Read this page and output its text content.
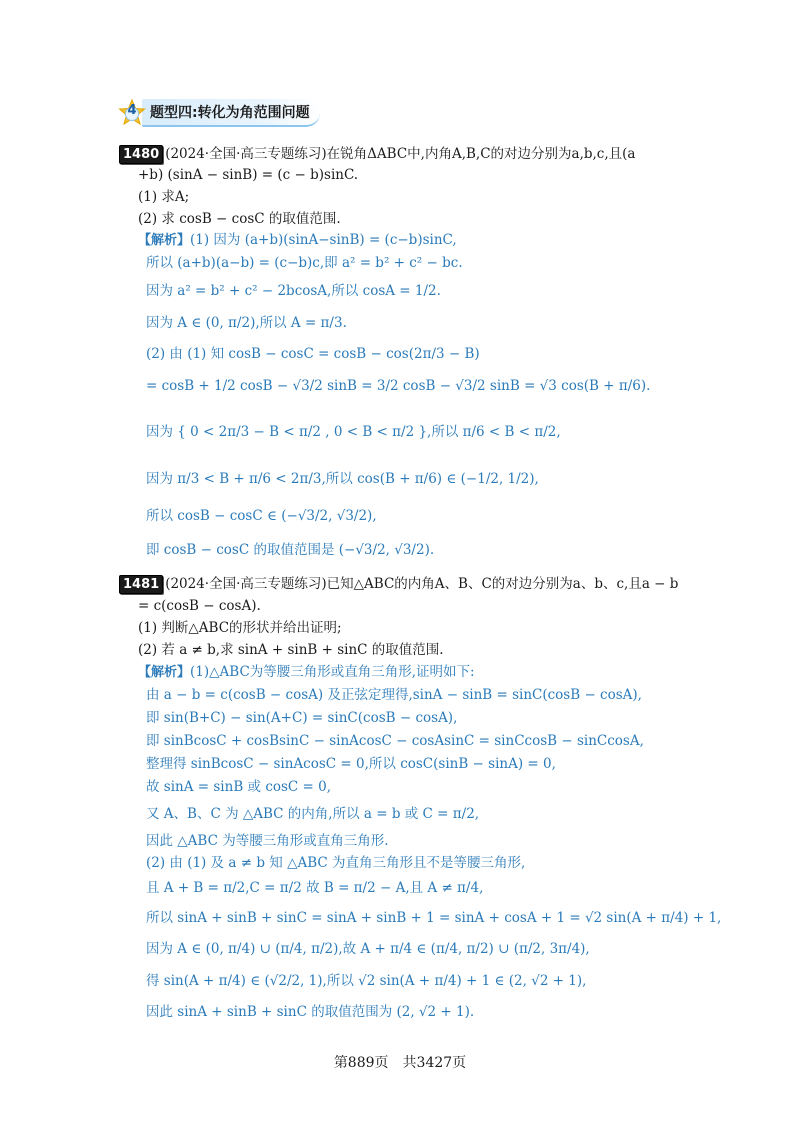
4 题型四:转化为角范围问题
1480 (2024·全国·高三专题练习)在锐角ΔABC中,内角A,B,C的对边分别为a,b,c,且(a
+b) (sinA − sinB) = (c − b)sinC.
(1) 求A;
(2) 求 cosB − cosC 的取值范围.
【解析】(1) 因为 (a+b)(sinA−sinB) = (c−b)sinC,
所以 (a+b)(a−b) = (c−b)c,即 a² = b² + c² − bc.
因为 a² = b² + c² − 2bcosA,所以 cosA = 1/2.
因为 A ∈ (0, π/2),所以 A = π/3.
(2) 由 (1) 知 cosB − cosC = cosB − cos(2π/3 − B)
= cosB + 1/2 cosB − √3/2 sinB = 3/2 cosB − √3/2 sinB = √3 cos(B + π/6).
因为 { 0 < 2π/3 − B < π/2 , 0 < B < π/2 },所以 π/6 < B < π/2,
因为 π/3 < B + π/6 < 2π/3,所以 cos(B + π/6) ∈ (−1/2, 1/2),
所以 cosB − cosC ∈ (−√3/2, √3/2),
即 cosB − cosC 的取值范围是 (−√3/2, √3/2).
1481 (2024·全国·高三专题练习)已知△ABC的内角A、B、C的对边分别为a、b、c,且a − b
= c(cosB − cosA).
(1) 判断△ABC的形状并给出证明;
(2) 若 a ≠ b,求 sinA + sinB + sinC 的取值范围.
【解析】(1)△ABC为等腰三角形或直角三角形,证明如下:
由 a − b = c(cosB − cosA) 及正弦定理得,sinA − sinB = sinC(cosB − cosA),
即 sin(B+C) − sin(A+C) = sinC(cosB − cosA),
即 sinBcosC + cosBsinC − sinAcosC − cosAsinC = sinCcosB − sinCcosA,
整理得 sinBcosC − sinAcosC = 0,所以 cosC(sinB − sinA) = 0,
故 sinA = sinB 或 cosC = 0,
又 A、B、C 为 △ABC 的内角,所以 a = b 或 C = π/2,
因此 △ABC 为等腰三角形或直角三角形.
(2) 由 (1) 及 a ≠ b 知 △ABC 为直角三角形且不是等腰三角形,
且 A + B = π/2,C = π/2 故 B = π/2 − A,且 A ≠ π/4,
所以 sinA + sinB + sinC = sinA + sinB + 1 = sinA + cosA + 1 = √2 sin(A + π/4) + 1,
因为 A ∈ (0, π/4) ∪ (π/4, π/2),故 A + π/4 ∈ (π/4, π/2) ∪ (π/2, 3π/4),
得 sin(A + π/4) ∈ (√2/2, 1),所以 √2 sin(A + π/4) + 1 ∈ (2, √2 + 1),
因此 sinA + sinB + sinC 的取值范围为 (2, √2 + 1).
第889页 共3427页
